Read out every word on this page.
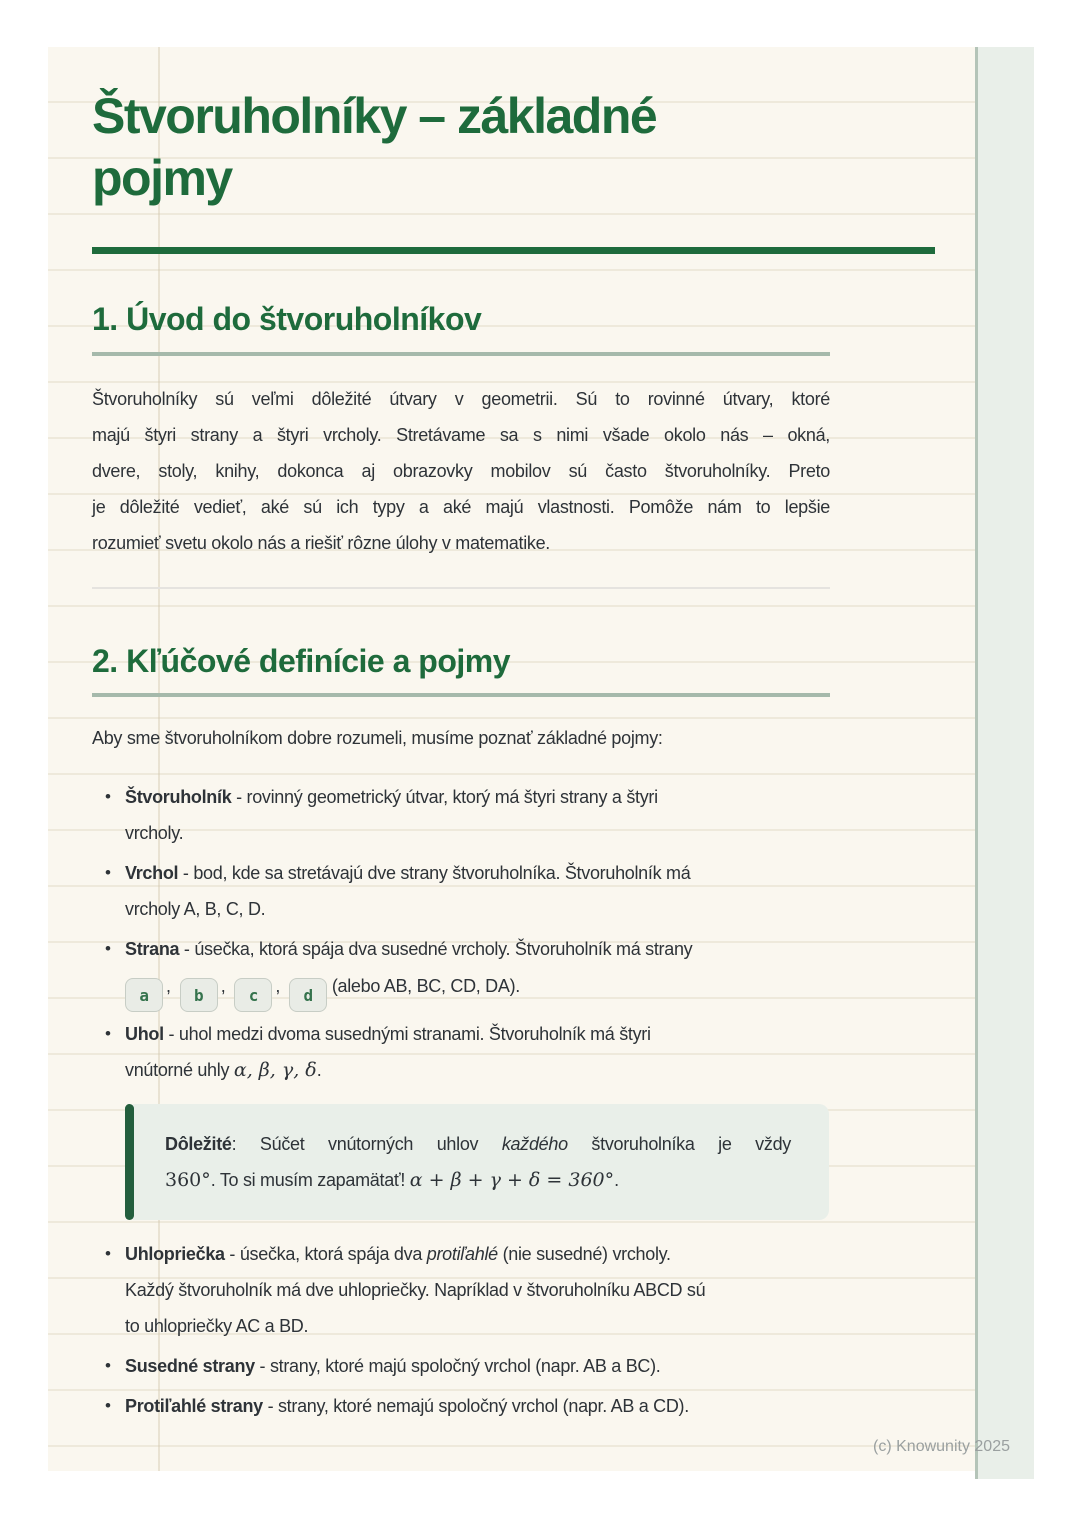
Štvoruholníky – základné
pojmy
1. Úvod do štvoruholníkov
Štvoruholníky sú veľmi dôležité útvary v geometrii. Sú to rovinné útvary, ktoré
majú štyri strany a štyri vrcholy. Stretávame sa s nimi všade okolo nás – okná,
dvere, stoly, knihy, dokonca aj obrazovky mobilov sú často štvoruholníky. Preto
je dôležité vedieť, aké sú ich typy a aké majú vlastnosti. Pomôže nám to lepšie
rozumieť svetu okolo nás a riešiť rôzne úlohy v matematike.
2. Kľúčové definície a pojmy

Aby sme štvoruholníkom dobre rozumeli, musíme poznať základné pojmy:

• Štvoruholník - rovinný geometrický útvar, ktorý má štyri strany a štyri
vrcholy.
• Vrchol - bod, kde sa stretávajú dve strany štvoruholníka. Štvoruholník má
vrcholy A, B, C, D.
• Strana - úsečka, ktorá spája dva susedné vrcholy. Štvoruholník má strany
a , b , c , d (alebo AB, BC, CD, DA).
• Uhol - uhol medzi dvoma susednými stranami. Štvoruholník má štyri
vnútorné uhly α, β, γ, δ.
Dôležité: Súčet vnútorných uhlov každého štvoruholníka je vždy
360°. To si musím zapamätať! α + β + γ + δ = 360°.
• Uhlopriečka - úsečka, ktorá spája dva protiľahlé (nie susedné) vrcholy.
Každý štvoruholník má dve uhlopriečky. Napríklad v štvoruholníku ABCD sú
to uhlopriečky AC a BD.
• Susedné strany - strany, ktoré majú spoločný vrchol (napr. AB a BC).
• Protiľahlé strany - strany, ktoré nemajú spoločný vrchol (napr. AB a CD).
(c) Knowunity 2025
